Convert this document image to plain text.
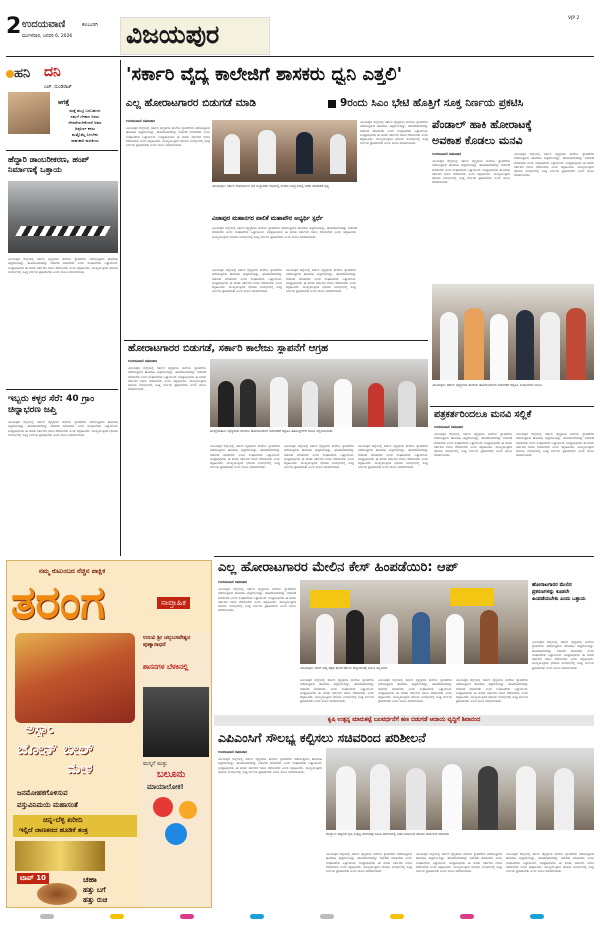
2 ಉದಯವಾಣಿ	ಕಲಬುರಗಿ
ಮಂಗಳವಾರ, ಜನವರಿ 6, 2026 ವಿಜಯಪುರ
VJP 2
ಹನಿ ದನಿ
ಎಚ್. ದುಂಡಿರಾಜ್
ಆಗತ್ತೆ
ಮತ್ತೆ ಹುಟ್ಟಿ ಬರಬಹುದು
ನಮಗೆ ಬೇಕಾದ ಅರಸು
ನೇರವೇರಬೇಕೆಂದರೆ ಅವರ
ಅಪೂರ್ಣ ಕನಸು
ಮತ್ತೊಮ್ಮೆ ಸಿಗಬೇಕು
ಸಾಹುಕಾರಿ ರಾಜಕೀಯ
ಹೆದ್ದಾರಿ ಡಾಂಬರೀಕರಣ, ಹಂಪ್ ನಿರ್ಮಾಣಕ್ಕೆ ಒತ್ತಾಯ
ವಿಜಯಪುರ ಜಿಲ್ಲೆಯಲ್ಲಿ ಸರ್ಕಾರಿ ವೈದ್ಯಕೀಯ ಕಾಲೇಜು ಸ್ಥಾಪನೆಗಾಗಿ ನಡೆಯುತ್ತಿರುವ ಹೋರಾಟ ತೀವ್ರಗೊಂಡಿದ್ದು, ಹೋರಾಟಗಾರರನ್ನು ಬಿಡುಗಡೆ ಮಾಡಬೇಕು ಎಂದು ಸಂಘಟನೆಗಳು ಒತ್ತಾಯಿಸಿವೆ. ಜನಪ್ರತಿನಿಧಿಗಳು ಈ ಕುರಿತು ಸರ್ಕಾರದ ಗಮನ ಸೆಳೆಯಬೇಕು ಎಂದು ಆಗ್ರಹಿಸಿದರು. ಮುಖ್ಯಮಂತ್ರಿಗಳ ಭೇಟಿಯ ಸಂದರ್ಭದಲ್ಲಿ ಸೂಕ್ತ ನಿರ್ಣಯ ಪ್ರಕಟಿಸಬೇಕು ಎಂದು ಮನವಿ ಮಾಡಲಾಯಿತು.
ಇಬ್ಬರು ಕಳ್ಳರ ಸೆರೆ: 40 ಗ್ರಾಂ ಚಿನ್ನಾಭರಣ ಜಪ್ತಿ
ವಿಜಯಪುರ ಜಿಲ್ಲೆಯಲ್ಲಿ ಸರ್ಕಾರಿ ವೈದ್ಯಕೀಯ ಕಾಲೇಜು ಸ್ಥಾಪನೆಗಾಗಿ ನಡೆಯುತ್ತಿರುವ ಹೋರಾಟ ತೀವ್ರಗೊಂಡಿದ್ದು, ಹೋರಾಟಗಾರರನ್ನು ಬಿಡುಗಡೆ ಮಾಡಬೇಕು ಎಂದು ಸಂಘಟನೆಗಳು ಒತ್ತಾಯಿಸಿವೆ. ಜನಪ್ರತಿನಿಧಿಗಳು ಈ ಕುರಿತು ಸರ್ಕಾರದ ಗಮನ ಸೆಳೆಯಬೇಕು ಎಂದು ಆಗ್ರಹಿಸಿದರು. ಮುಖ್ಯಮಂತ್ರಿಗಳ ಭೇಟಿಯ ಸಂದರ್ಭದಲ್ಲಿ ಸೂಕ್ತ ನಿರ್ಣಯ ಪ್ರಕಟಿಸಬೇಕು ಎಂದು ಮನವಿ ಮಾಡಲಾಯಿತು.
'ಸರ್ಕಾರಿ ವೈದ್ಯ ಕಾಲೇಜಿಗೆ ಶಾಸಕರು ಧ್ವನಿ ಎತ್ತಲಿ'
ಎಲ್ಲ ಹೋರಾಟಗಾರರ ಬಿಡುಗಡೆ ಮಾಡಿ	9ರಂದು ಸಿಎಂ ಭೇಟಿ ಹೊತ್ತಿಗೆ ಸೂಕ್ತ ನಿರ್ಣಯ ಪ್ರಕಟಿಸಿ
ಉದಯವಾಣಿ ಸಮಾಚಾರ
ವಿಜಯಪುರ ಜಿಲ್ಲೆಯಲ್ಲಿ ಸರ್ಕಾರಿ ವೈದ್ಯಕೀಯ ಕಾಲೇಜು ಸ್ಥಾಪನೆಗಾಗಿ ನಡೆಯುತ್ತಿರುವ ಹೋರಾಟ ತೀವ್ರಗೊಂಡಿದ್ದು, ಹೋರಾಟಗಾರರನ್ನು ಬಿಡುಗಡೆ ಮಾಡಬೇಕು ಎಂದು ಸಂಘಟನೆಗಳು ಒತ್ತಾಯಿಸಿವೆ. ಜನಪ್ರತಿನಿಧಿಗಳು ಈ ಕುರಿತು ಸರ್ಕಾರದ ಗಮನ ಸೆಳೆಯಬೇಕು ಎಂದು ಆಗ್ರಹಿಸಿದರು. ಮುಖ್ಯಮಂತ್ರಿಗಳ ಭೇಟಿಯ ಸಂದರ್ಭದಲ್ಲಿ ಸೂಕ್ತ ನಿರ್ಣಯ ಪ್ರಕಟಿಸಬೇಕು ಎಂದು ಮನವಿ ಮಾಡಲಾಯಿತು.
ವಿಜಯಪುರ: ಸರ್ಕಾರಿ ಗೋದಾಮಿನ ಸಭೆ ಸಂಸ್ಥಾಪಕರ ಸಭೆಯಲ್ಲಿ ಶಾಸಕರ ಸಮ್ಮುಖದಲ್ಲಿ ನಡೆದ ಮಾತುಕತೆ ದೃಶ್ಯ
ವಿಜಾಪುರ ಮಹಾನಗರ ಪಾಲಿಕೆ ಮಹಾಪೌರ ಅಭ್ಯರ್ಥಿ ಸ್ಪರ್ಧೆ
ವಿಜಯಪುರ ಜಿಲ್ಲೆಯಲ್ಲಿ ಸರ್ಕಾರಿ ವೈದ್ಯಕೀಯ ಕಾಲೇಜು ಸ್ಥಾಪನೆಗಾಗಿ ನಡೆಯುತ್ತಿರುವ ಹೋರಾಟ ತೀವ್ರಗೊಂಡಿದ್ದು, ಹೋರಾಟಗಾರರನ್ನು ಬಿಡುಗಡೆ ಮಾಡಬೇಕು ಎಂದು ಸಂಘಟನೆಗಳು ಒತ್ತಾಯಿಸಿವೆ. ಜನಪ್ರತಿನಿಧಿಗಳು ಈ ಕುರಿತು ಸರ್ಕಾರದ ಗಮನ ಸೆಳೆಯಬೇಕು ಎಂದು ಆಗ್ರಹಿಸಿದರು. ಮುಖ್ಯಮಂತ್ರಿಗಳ ಭೇಟಿಯ ಸಂದರ್ಭದಲ್ಲಿ ಸೂಕ್ತ ನಿರ್ಣಯ ಪ್ರಕಟಿಸಬೇಕು ಎಂದು ಮನವಿ ಮಾಡಲಾಯಿತು.
ವಿಜಯಪುರ ಜಿಲ್ಲೆಯಲ್ಲಿ ಸರ್ಕಾರಿ ವೈದ್ಯಕೀಯ ಕಾಲೇಜು ಸ್ಥಾಪನೆಗಾಗಿ ನಡೆಯುತ್ತಿರುವ ಹೋರಾಟ ತೀವ್ರಗೊಂಡಿದ್ದು, ಹೋರಾಟಗಾರರನ್ನು ಬಿಡುಗಡೆ ಮಾಡಬೇಕು ಎಂದು ಸಂಘಟನೆಗಳು ಒತ್ತಾಯಿಸಿವೆ. ಜನಪ್ರತಿನಿಧಿಗಳು ಈ ಕುರಿತು ಸರ್ಕಾರದ ಗಮನ ಸೆಳೆಯಬೇಕು ಎಂದು ಆಗ್ರಹಿಸಿದರು. ಮುಖ್ಯಮಂತ್ರಿಗಳ ಭೇಟಿಯ ಸಂದರ್ಭದಲ್ಲಿ ಸೂಕ್ತ ನಿರ್ಣಯ ಪ್ರಕಟಿಸಬೇಕು ಎಂದು ಮನವಿ ಮಾಡಲಾಯಿತು.
ವಿಜಯಪುರ ಜಿಲ್ಲೆಯಲ್ಲಿ ಸರ್ಕಾರಿ ವೈದ್ಯಕೀಯ ಕಾಲೇಜು ಸ್ಥಾಪನೆಗಾಗಿ ನಡೆಯುತ್ತಿರುವ ಹೋರಾಟ ತೀವ್ರಗೊಂಡಿದ್ದು, ಹೋರಾಟಗಾರರನ್ನು ಬಿಡುಗಡೆ ಮಾಡಬೇಕು ಎಂದು ಸಂಘಟನೆಗಳು ಒತ್ತಾಯಿಸಿವೆ. ಜನಪ್ರತಿನಿಧಿಗಳು ಈ ಕುರಿತು ಸರ್ಕಾರದ ಗಮನ ಸೆಳೆಯಬೇಕು ಎಂದು ಆಗ್ರಹಿಸಿದರು. ಮುಖ್ಯಮಂತ್ರಿಗಳ ಭೇಟಿಯ ಸಂದರ್ಭದಲ್ಲಿ ಸೂಕ್ತ ನಿರ್ಣಯ ಪ್ರಕಟಿಸಬೇಕು ಎಂದು ಮನವಿ ಮಾಡಲಾಯಿತು.
ವಿಜಯಪುರ ಜಿಲ್ಲೆಯಲ್ಲಿ ಸರ್ಕಾರಿ ವೈದ್ಯಕೀಯ ಕಾಲೇಜು ಸ್ಥಾಪನೆಗಾಗಿ ನಡೆಯುತ್ತಿರುವ ಹೋರಾಟ ತೀವ್ರಗೊಂಡಿದ್ದು, ಹೋರಾಟಗಾರರನ್ನು ಬಿಡುಗಡೆ ಮಾಡಬೇಕು ಎಂದು ಸಂಘಟನೆಗಳು ಒತ್ತಾಯಿಸಿವೆ. ಜನಪ್ರತಿನಿಧಿಗಳು ಈ ಕುರಿತು ಸರ್ಕಾರದ ಗಮನ ಸೆಳೆಯಬೇಕು ಎಂದು ಆಗ್ರಹಿಸಿದರು. ಮುಖ್ಯಮಂತ್ರಿಗಳ ಭೇಟಿಯ ಸಂದರ್ಭದಲ್ಲಿ ಸೂಕ್ತ ನಿರ್ಣಯ ಪ್ರಕಟಿಸಬೇಕು ಎಂದು ಮನವಿ ಮಾಡಲಾಯಿತು.
ಪೆಂಡಾಲ್ ಹಾಕಿ ಹೋರಾಟಕ್ಕೆ
ಅವಕಾಶ ಕೊಡಲು ಮನವಿ
ಉದಯವಾಣಿ ಸಮಾಚಾರ
ವಿಜಯಪುರ ಜಿಲ್ಲೆಯಲ್ಲಿ ಸರ್ಕಾರಿ ವೈದ್ಯಕೀಯ ಕಾಲೇಜು ಸ್ಥಾಪನೆಗಾಗಿ ನಡೆಯುತ್ತಿರುವ ಹೋರಾಟ ತೀವ್ರಗೊಂಡಿದ್ದು, ಹೋರಾಟಗಾರರನ್ನು ಬಿಡುಗಡೆ ಮಾಡಬೇಕು ಎಂದು ಸಂಘಟನೆಗಳು ಒತ್ತಾಯಿಸಿವೆ. ಜನಪ್ರತಿನಿಧಿಗಳು ಈ ಕುರಿತು ಸರ್ಕಾರದ ಗಮನ ಸೆಳೆಯಬೇಕು ಎಂದು ಆಗ್ರಹಿಸಿದರು. ಮುಖ್ಯಮಂತ್ರಿಗಳ ಭೇಟಿಯ ಸಂದರ್ಭದಲ್ಲಿ ಸೂಕ್ತ ನಿರ್ಣಯ ಪ್ರಕಟಿಸಬೇಕು ಎಂದು ಮನವಿ ಮಾಡಲಾಯಿತು.
ವಿಜಯಪುರ ಜಿಲ್ಲೆಯಲ್ಲಿ ಸರ್ಕಾರಿ ವೈದ್ಯಕೀಯ ಕಾಲೇಜು ಸ್ಥಾಪನೆಗಾಗಿ ನಡೆಯುತ್ತಿರುವ ಹೋರಾಟ ತೀವ್ರಗೊಂಡಿದ್ದು, ಹೋರಾಟಗಾರರನ್ನು ಬಿಡುಗಡೆ ಮಾಡಬೇಕು ಎಂದು ಸಂಘಟನೆಗಳು ಒತ್ತಾಯಿಸಿವೆ. ಜನಪ್ರತಿನಿಧಿಗಳು ಈ ಕುರಿತು ಸರ್ಕಾರದ ಗಮನ ಸೆಳೆಯಬೇಕು ಎಂದು ಆಗ್ರಹಿಸಿದರು. ಮುಖ್ಯಮಂತ್ರಿಗಳ ಭೇಟಿಯ ಸಂದರ್ಭದಲ್ಲಿ ಸೂಕ್ತ ನಿರ್ಣಯ ಪ್ರಕಟಿಸಬೇಕು ಎಂದು ಮನವಿ ಮಾಡಲಾಯಿತು.
ವಿಜಯಪುರ: ಸರ್ಕಾರಿ ವೈದ್ಯಕೀಯ ಕಾಲೇಜು ಹೋರಾಟಗಾರರ ಬಿಡುಗಡೆಗೆ ಆಗ್ರಹಿಸಿ ಸಂಘಟನೆಗಳ ಮನವಿ
ಹೋರಾಟಗಾರರ ಬಿಡುಗಡೆ, ಸರ್ಕಾರಿ ಕಾಲೇಜು ಸ್ಥಾಪನೆಗೆ ಆಗ್ರಹ
ಉದಯವಾಣಿ ಸಮಾಚಾರ
ವಿಜಯಪುರ ಜಿಲ್ಲೆಯಲ್ಲಿ ಸರ್ಕಾರಿ ವೈದ್ಯಕೀಯ ಕಾಲೇಜು ಸ್ಥಾಪನೆಗಾಗಿ ನಡೆಯುತ್ತಿರುವ ಹೋರಾಟ ತೀವ್ರಗೊಂಡಿದ್ದು, ಹೋರಾಟಗಾರರನ್ನು ಬಿಡುಗಡೆ ಮಾಡಬೇಕು ಎಂದು ಸಂಘಟನೆಗಳು ಒತ್ತಾಯಿಸಿವೆ. ಜನಪ್ರತಿನಿಧಿಗಳು ಈ ಕುರಿತು ಸರ್ಕಾರದ ಗಮನ ಸೆಳೆಯಬೇಕು ಎಂದು ಆಗ್ರಹಿಸಿದರು. ಮುಖ್ಯಮಂತ್ರಿಗಳ ಭೇಟಿಯ ಸಂದರ್ಭದಲ್ಲಿ ಸೂಕ್ತ ನಿರ್ಣಯ ಪ್ರಕಟಿಸಬೇಕು ಎಂದು ಮನವಿ ಮಾಡಲಾಯಿತು.
ಮುದ್ದೇಬಿಹಾಳ: ವೈದ್ಯಕೀಯ ಕಾಲೇಜು ಹೋರಾಟಗಾರರ ಬಿಡುಗಡೆಗೆ ಆಗ್ರಹಿಸಿ ತಹಸೀಲ್ದಾರ್‌ಗೆ ಮನವಿ ಸಲ್ಲಿಸಲಾಯಿತು
ವಿಜಯಪುರ ಜಿಲ್ಲೆಯಲ್ಲಿ ಸರ್ಕಾರಿ ವೈದ್ಯಕೀಯ ಕಾಲೇಜು ಸ್ಥಾಪನೆಗಾಗಿ ನಡೆಯುತ್ತಿರುವ ಹೋರಾಟ ತೀವ್ರಗೊಂಡಿದ್ದು, ಹೋರಾಟಗಾರರನ್ನು ಬಿಡುಗಡೆ ಮಾಡಬೇಕು ಎಂದು ಸಂಘಟನೆಗಳು ಒತ್ತಾಯಿಸಿವೆ. ಜನಪ್ರತಿನಿಧಿಗಳು ಈ ಕುರಿತು ಸರ್ಕಾರದ ಗಮನ ಸೆಳೆಯಬೇಕು ಎಂದು ಆಗ್ರಹಿಸಿದರು. ಮುಖ್ಯಮಂತ್ರಿಗಳ ಭೇಟಿಯ ಸಂದರ್ಭದಲ್ಲಿ ಸೂಕ್ತ ನಿರ್ಣಯ ಪ್ರಕಟಿಸಬೇಕು ಎಂದು ಮನವಿ ಮಾಡಲಾಯಿತು.
ವಿಜಯಪುರ ಜಿಲ್ಲೆಯಲ್ಲಿ ಸರ್ಕಾರಿ ವೈದ್ಯಕೀಯ ಕಾಲೇಜು ಸ್ಥಾಪನೆಗಾಗಿ ನಡೆಯುತ್ತಿರುವ ಹೋರಾಟ ತೀವ್ರಗೊಂಡಿದ್ದು, ಹೋರಾಟಗಾರರನ್ನು ಬಿಡುಗಡೆ ಮಾಡಬೇಕು ಎಂದು ಸಂಘಟನೆಗಳು ಒತ್ತಾಯಿಸಿವೆ. ಜನಪ್ರತಿನಿಧಿಗಳು ಈ ಕುರಿತು ಸರ್ಕಾರದ ಗಮನ ಸೆಳೆಯಬೇಕು ಎಂದು ಆಗ್ರಹಿಸಿದರು. ಮುಖ್ಯಮಂತ್ರಿಗಳ ಭೇಟಿಯ ಸಂದರ್ಭದಲ್ಲಿ ಸೂಕ್ತ ನಿರ್ಣಯ ಪ್ರಕಟಿಸಬೇಕು ಎಂದು ಮನವಿ ಮಾಡಲಾಯಿತು.
ವಿಜಯಪುರ ಜಿಲ್ಲೆಯಲ್ಲಿ ಸರ್ಕಾರಿ ವೈದ್ಯಕೀಯ ಕಾಲೇಜು ಸ್ಥಾಪನೆಗಾಗಿ ನಡೆಯುತ್ತಿರುವ ಹೋರಾಟ ತೀವ್ರಗೊಂಡಿದ್ದು, ಹೋರಾಟಗಾರರನ್ನು ಬಿಡುಗಡೆ ಮಾಡಬೇಕು ಎಂದು ಸಂಘಟನೆಗಳು ಒತ್ತಾಯಿಸಿವೆ. ಜನಪ್ರತಿನಿಧಿಗಳು ಈ ಕುರಿತು ಸರ್ಕಾರದ ಗಮನ ಸೆಳೆಯಬೇಕು ಎಂದು ಆಗ್ರಹಿಸಿದರು. ಮುಖ್ಯಮಂತ್ರಿಗಳ ಭೇಟಿಯ ಸಂದರ್ಭದಲ್ಲಿ ಸೂಕ್ತ ನಿರ್ಣಯ ಪ್ರಕಟಿಸಬೇಕು ಎಂದು ಮನವಿ ಮಾಡಲಾಯಿತು.
ಪತ್ರಕರ್ತರಿಂದಲೂ ಮನವಿ ಸಲ್ಲಿಕೆ
ಉದಯವಾಣಿ ಸಮಾಚಾರ
ವಿಜಯಪುರ ಜಿಲ್ಲೆಯಲ್ಲಿ ಸರ್ಕಾರಿ ವೈದ್ಯಕೀಯ ಕಾಲೇಜು ಸ್ಥಾಪನೆಗಾಗಿ ನಡೆಯುತ್ತಿರುವ ಹೋರಾಟ ತೀವ್ರಗೊಂಡಿದ್ದು, ಹೋರಾಟಗಾರರನ್ನು ಬಿಡುಗಡೆ ಮಾಡಬೇಕು ಎಂದು ಸಂಘಟನೆಗಳು ಒತ್ತಾಯಿಸಿವೆ. ಜನಪ್ರತಿನಿಧಿಗಳು ಈ ಕುರಿತು ಸರ್ಕಾರದ ಗಮನ ಸೆಳೆಯಬೇಕು ಎಂದು ಆಗ್ರಹಿಸಿದರು. ಮುಖ್ಯಮಂತ್ರಿಗಳ ಭೇಟಿಯ ಸಂದರ್ಭದಲ್ಲಿ ಸೂಕ್ತ ನಿರ್ಣಯ ಪ್ರಕಟಿಸಬೇಕು ಎಂದು ಮನವಿ ಮಾಡಲಾಯಿತು.
ವಿಜಯಪುರ ಜಿಲ್ಲೆಯಲ್ಲಿ ಸರ್ಕಾರಿ ವೈದ್ಯಕೀಯ ಕಾಲೇಜು ಸ್ಥಾಪನೆಗಾಗಿ ನಡೆಯುತ್ತಿರುವ ಹೋರಾಟ ತೀವ್ರಗೊಂಡಿದ್ದು, ಹೋರಾಟಗಾರರನ್ನು ಬಿಡುಗಡೆ ಮಾಡಬೇಕು ಎಂದು ಸಂಘಟನೆಗಳು ಒತ್ತಾಯಿಸಿವೆ. ಜನಪ್ರತಿನಿಧಿಗಳು ಈ ಕುರಿತು ಸರ್ಕಾರದ ಗಮನ ಸೆಳೆಯಬೇಕು ಎಂದು ಆಗ್ರಹಿಸಿದರು. ಮುಖ್ಯಮಂತ್ರಿಗಳ ಭೇಟಿಯ ಸಂದರ್ಭದಲ್ಲಿ ಸೂಕ್ತ ನಿರ್ಣಯ ಪ್ರಕಟಿಸಬೇಕು ಎಂದು ಮನವಿ ಮಾಡಲಾಯಿತು.
ನಮ್ಮ ಕುಟುಂಬದ ನೆಚ್ಚಿನ ಪಾಕ್ಷಿಕ
ತರಂಗ	ಸಾಪ್ತಾಹಿಕ
ಅಸ್ಸಾಂ
ಜೋನ್ ಬೀಲ್
ಮೇಳ
ಜನಮೋಹಕಗೊಳಿಸುವ
ವಸ್ತುವಿನಿಮಯ ಮಹಾಸಂತೆ
ಚಿನ್ನ-ಬೆಳ್ಳಿ ಖರೀದಿ
ಇಲ್ಲಿದೆ ಜಾಣತನದ ಹೂಡಿಕೆ ತಂತ್ರ
ಟಾಪ್ 10	ಚಹಾ
ಹತ್ತು ಬಗೆ
ಹತ್ತು ರುಚಿ
ಉಲವಿ ಶ್ರೀ ಚನ್ನಬಸವೇಶ್ವರ ಪುಣ್ಯಾರಾಧನೆ
ಶಾಸನಗಳ ಬೆಳಕಿನಲ್ಲಿ
ಮನ್ಮನೆ ಮತ್ತು
ಬಲೂನು
ಮಾಯಾಲೋಕ!
ಎಲ್ಲ ಹೋರಾಟಗಾರರ ಮೇಲಿನ ಕೇಸ್ ಹಿಂಪಡೆಯಿರಿ: ಆಪ್
ಉದಯವಾಣಿ ಸಮಾಚಾರ
ವಿಜಯಪುರ ಜಿಲ್ಲೆಯಲ್ಲಿ ಸರ್ಕಾರಿ ವೈದ್ಯಕೀಯ ಕಾಲೇಜು ಸ್ಥಾಪನೆಗಾಗಿ ನಡೆಯುತ್ತಿರುವ ಹೋರಾಟ ತೀವ್ರಗೊಂಡಿದ್ದು, ಹೋರಾಟಗಾರರನ್ನು ಬಿಡುಗಡೆ ಮಾಡಬೇಕು ಎಂದು ಸಂಘಟನೆಗಳು ಒತ್ತಾಯಿಸಿವೆ. ಜನಪ್ರತಿನಿಧಿಗಳು ಈ ಕುರಿತು ಸರ್ಕಾರದ ಗಮನ ಸೆಳೆಯಬೇಕು ಎಂದು ಆಗ್ರಹಿಸಿದರು. ಮುಖ್ಯಮಂತ್ರಿಗಳ ಭೇಟಿಯ ಸಂದರ್ಭದಲ್ಲಿ ಸೂಕ್ತ ನಿರ್ಣಯ ಪ್ರಕಟಿಸಬೇಕು ಎಂದು ಮನವಿ ಮಾಡಲಾಯಿತು.
ವಿಜಯಪುರ: ಆಮ್ ಆದ್ಮಿ ಪಕ್ಷದ ಕಾರ್ಯಕರ್ತರು ಜಿಲ್ಲಾಡಳಿತಕ್ಕೆ ಮನವಿ ಸಲ್ಲಿಸಿದರು
ವಿಜಯಪುರ ಜಿಲ್ಲೆಯಲ್ಲಿ ಸರ್ಕಾರಿ ವೈದ್ಯಕೀಯ ಕಾಲೇಜು ಸ್ಥಾಪನೆಗಾಗಿ ನಡೆಯುತ್ತಿರುವ ಹೋರಾಟ ತೀವ್ರಗೊಂಡಿದ್ದು, ಹೋರಾಟಗಾರರನ್ನು ಬಿಡುಗಡೆ ಮಾಡಬೇಕು ಎಂದು ಸಂಘಟನೆಗಳು ಒತ್ತಾಯಿಸಿವೆ. ಜನಪ್ರತಿನಿಧಿಗಳು ಈ ಕುರಿತು ಸರ್ಕಾರದ ಗಮನ ಸೆಳೆಯಬೇಕು ಎಂದು ಆಗ್ರಹಿಸಿದರು. ಮುಖ್ಯಮಂತ್ರಿಗಳ ಭೇಟಿಯ ಸಂದರ್ಭದಲ್ಲಿ ಸೂಕ್ತ ನಿರ್ಣಯ ಪ್ರಕಟಿಸಬೇಕು ಎಂದು ಮನವಿ ಮಾಡಲಾಯಿತು.
ವಿಜಯಪುರ ಜಿಲ್ಲೆಯಲ್ಲಿ ಸರ್ಕಾರಿ ವೈದ್ಯಕೀಯ ಕಾಲೇಜು ಸ್ಥಾಪನೆಗಾಗಿ ನಡೆಯುತ್ತಿರುವ ಹೋರಾಟ ತೀವ್ರಗೊಂಡಿದ್ದು, ಹೋರಾಟಗಾರರನ್ನು ಬಿಡುಗಡೆ ಮಾಡಬೇಕು ಎಂದು ಸಂಘಟನೆಗಳು ಒತ್ತಾಯಿಸಿವೆ. ಜನಪ್ರತಿನಿಧಿಗಳು ಈ ಕುರಿತು ಸರ್ಕಾರದ ಗಮನ ಸೆಳೆಯಬೇಕು ಎಂದು ಆಗ್ರಹಿಸಿದರು. ಮುಖ್ಯಮಂತ್ರಿಗಳ ಭೇಟಿಯ ಸಂದರ್ಭದಲ್ಲಿ ಸೂಕ್ತ ನಿರ್ಣಯ ಪ್ರಕಟಿಸಬೇಕು ಎಂದು ಮನವಿ ಮಾಡಲಾಯಿತು.
ವಿಜಯಪುರ ಜಿಲ್ಲೆಯಲ್ಲಿ ಸರ್ಕಾರಿ ವೈದ್ಯಕೀಯ ಕಾಲೇಜು ಸ್ಥಾಪನೆಗಾಗಿ ನಡೆಯುತ್ತಿರುವ ಹೋರಾಟ ತೀವ್ರಗೊಂಡಿದ್ದು, ಹೋರಾಟಗಾರರನ್ನು ಬಿಡುಗಡೆ ಮಾಡಬೇಕು ಎಂದು ಸಂಘಟನೆಗಳು ಒತ್ತಾಯಿಸಿವೆ. ಜನಪ್ರತಿನಿಧಿಗಳು ಈ ಕುರಿತು ಸರ್ಕಾರದ ಗಮನ ಸೆಳೆಯಬೇಕು ಎಂದು ಆಗ್ರಹಿಸಿದರು. ಮುಖ್ಯಮಂತ್ರಿಗಳ ಭೇಟಿಯ ಸಂದರ್ಭದಲ್ಲಿ ಸೂಕ್ತ ನಿರ್ಣಯ ಪ್ರಕಟಿಸಬೇಕು ಎಂದು ಮನವಿ ಮಾಡಲಾಯಿತು.
ಹೋರಾಟಗಾರರ ಮೇಲಿನ ಪ್ರಕರಣಗಳನ್ನು ಕೂಡಲೇ ಹಿಂಪಡೆಯಬೇಕು ಎಂದು ಒತ್ತಾಯ
ವಿಜಯಪುರ ಜಿಲ್ಲೆಯಲ್ಲಿ ಸರ್ಕಾರಿ ವೈದ್ಯಕೀಯ ಕಾಲೇಜು ಸ್ಥಾಪನೆಗಾಗಿ ನಡೆಯುತ್ತಿರುವ ಹೋರಾಟ ತೀವ್ರಗೊಂಡಿದ್ದು, ಹೋರಾಟಗಾರರನ್ನು ಬಿಡುಗಡೆ ಮಾಡಬೇಕು ಎಂದು ಸಂಘಟನೆಗಳು ಒತ್ತಾಯಿಸಿವೆ. ಜನಪ್ರತಿನಿಧಿಗಳು ಈ ಕುರಿತು ಸರ್ಕಾರದ ಗಮನ ಸೆಳೆಯಬೇಕು ಎಂದು ಆಗ್ರಹಿಸಿದರು. ಮುಖ್ಯಮಂತ್ರಿಗಳ ಭೇಟಿಯ ಸಂದರ್ಭದಲ್ಲಿ ಸೂಕ್ತ ನಿರ್ಣಯ ಪ್ರಕಟಿಸಬೇಕು ಎಂದು ಮನವಿ ಮಾಡಲಾಯಿತು.
ಕೃಷಿ ಉತ್ಪನ್ನ ಮಾರುಕಟ್ಟೆ ಬಲವರ್ಧನೆಗೆ ಹಣ ಬಿಡುಗಡೆ ಆದಾಯ ವೃದ್ಧಿಗೆ ಶಿವಾನಂದ
ಎಪಿಎಂಸಿಗೆ ಸೌಲಭ್ಯ ಕಲ್ಪಿಸಲು ಸಚಿವರಿಂದ ಪರಿಶೀಲನೆ
ಉದಯವಾಣಿ ಸಮಾಚಾರ
ವಿಜಯಪುರ ಜಿಲ್ಲೆಯಲ್ಲಿ ಸರ್ಕಾರಿ ವೈದ್ಯಕೀಯ ಕಾಲೇಜು ಸ್ಥಾಪನೆಗಾಗಿ ನಡೆಯುತ್ತಿರುವ ಹೋರಾಟ ತೀವ್ರಗೊಂಡಿದ್ದು, ಹೋರಾಟಗಾರರನ್ನು ಬಿಡುಗಡೆ ಮಾಡಬೇಕು ಎಂದು ಸಂಘಟನೆಗಳು ಒತ್ತಾಯಿಸಿವೆ. ಜನಪ್ರತಿನಿಧಿಗಳು ಈ ಕುರಿತು ಸರ್ಕಾರದ ಗಮನ ಸೆಳೆಯಬೇಕು ಎಂದು ಆಗ್ರಹಿಸಿದರು. ಮುಖ್ಯಮಂತ್ರಿಗಳ ಭೇಟಿಯ ಸಂದರ್ಭದಲ್ಲಿ ಸೂಕ್ತ ನಿರ್ಣಯ ಪ್ರಕಟಿಸಬೇಕು ಎಂದು ಮನವಿ ಮಾಡಲಾಯಿತು.
ಕೊಲ್ಹಾರ: ಪಟ್ಟಣದ ಕೃಷಿ ಉತ್ಪನ್ನ ಮಾರುಕಟ್ಟೆ ಸಮಿತಿ ಆವರಣದಲ್ಲಿ ಸಚಿವ ಶಿವಾನಂದ ಪಾಟೀಲ ಪರಿಶೀಲನೆ ನಡೆಸಿದರು
ವಿಜಯಪುರ ಜಿಲ್ಲೆಯಲ್ಲಿ ಸರ್ಕಾರಿ ವೈದ್ಯಕೀಯ ಕಾಲೇಜು ಸ್ಥಾಪನೆಗಾಗಿ ನಡೆಯುತ್ತಿರುವ ಹೋರಾಟ ತೀವ್ರಗೊಂಡಿದ್ದು, ಹೋರಾಟಗಾರರನ್ನು ಬಿಡುಗಡೆ ಮಾಡಬೇಕು ಎಂದು ಸಂಘಟನೆಗಳು ಒತ್ತಾಯಿಸಿವೆ. ಜನಪ್ರತಿನಿಧಿಗಳು ಈ ಕುರಿತು ಸರ್ಕಾರದ ಗಮನ ಸೆಳೆಯಬೇಕು ಎಂದು ಆಗ್ರಹಿಸಿದರು. ಮುಖ್ಯಮಂತ್ರಿಗಳ ಭೇಟಿಯ ಸಂದರ್ಭದಲ್ಲಿ ಸೂಕ್ತ ನಿರ್ಣಯ ಪ್ರಕಟಿಸಬೇಕು ಎಂದು ಮನವಿ ಮಾಡಲಾಯಿತು.
ವಿಜಯಪುರ ಜಿಲ್ಲೆಯಲ್ಲಿ ಸರ್ಕಾರಿ ವೈದ್ಯಕೀಯ ಕಾಲೇಜು ಸ್ಥಾಪನೆಗಾಗಿ ನಡೆಯುತ್ತಿರುವ ಹೋರಾಟ ತೀವ್ರಗೊಂಡಿದ್ದು, ಹೋರಾಟಗಾರರನ್ನು ಬಿಡುಗಡೆ ಮಾಡಬೇಕು ಎಂದು ಸಂಘಟನೆಗಳು ಒತ್ತಾಯಿಸಿವೆ. ಜನಪ್ರತಿನಿಧಿಗಳು ಈ ಕುರಿತು ಸರ್ಕಾರದ ಗಮನ ಸೆಳೆಯಬೇಕು ಎಂದು ಆಗ್ರಹಿಸಿದರು. ಮುಖ್ಯಮಂತ್ರಿಗಳ ಭೇಟಿಯ ಸಂದರ್ಭದಲ್ಲಿ ಸೂಕ್ತ ನಿರ್ಣಯ ಪ್ರಕಟಿಸಬೇಕು ಎಂದು ಮನವಿ ಮಾಡಲಾಯಿತು.
ವಿಜಯಪುರ ಜಿಲ್ಲೆಯಲ್ಲಿ ಸರ್ಕಾರಿ ವೈದ್ಯಕೀಯ ಕಾಲೇಜು ಸ್ಥಾಪನೆಗಾಗಿ ನಡೆಯುತ್ತಿರುವ ಹೋರಾಟ ತೀವ್ರಗೊಂಡಿದ್ದು, ಹೋರಾಟಗಾರರನ್ನು ಬಿಡುಗಡೆ ಮಾಡಬೇಕು ಎಂದು ಸಂಘಟನೆಗಳು ಒತ್ತಾಯಿಸಿವೆ. ಜನಪ್ರತಿನಿಧಿಗಳು ಈ ಕುರಿತು ಸರ್ಕಾರದ ಗಮನ ಸೆಳೆಯಬೇಕು ಎಂದು ಆಗ್ರಹಿಸಿದರು. ಮುಖ್ಯಮಂತ್ರಿಗಳ ಭೇಟಿಯ ಸಂದರ್ಭದಲ್ಲಿ ಸೂಕ್ತ ನಿರ್ಣಯ ಪ್ರಕಟಿಸಬೇಕು ಎಂದು ಮನವಿ ಮಾಡಲಾಯಿತು.
